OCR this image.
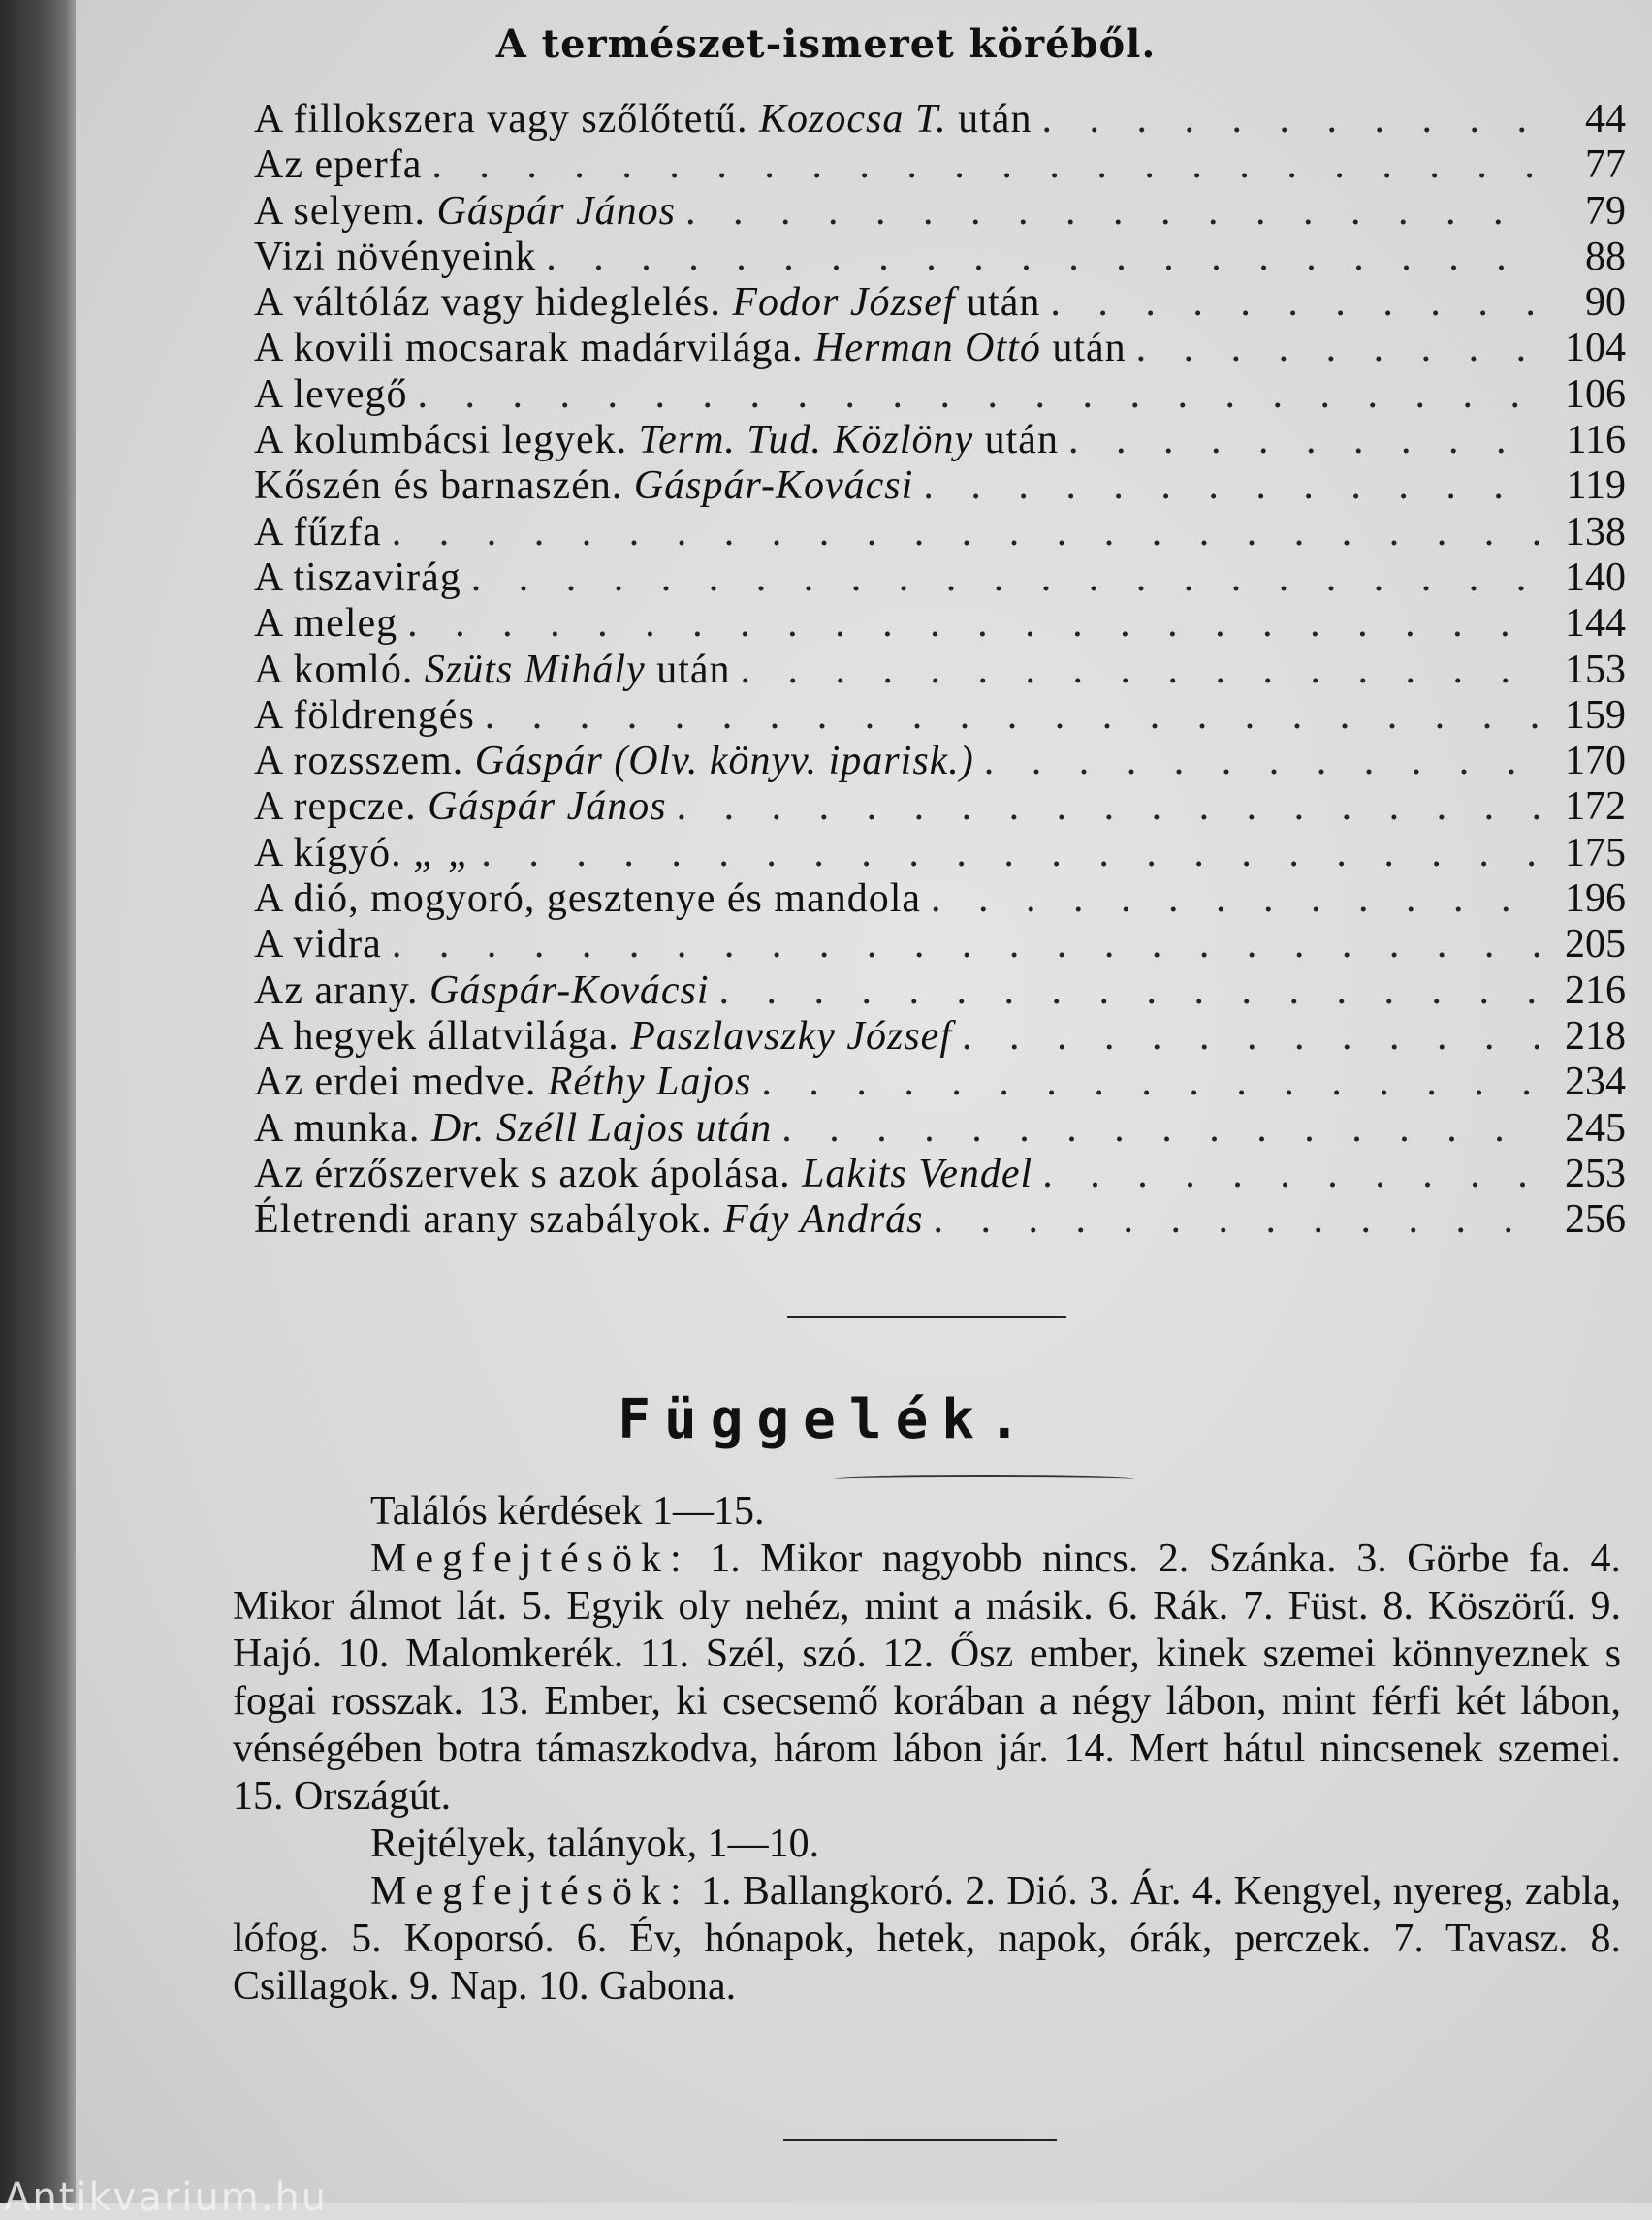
A természet-ismeret köréből.
A fillokszera vagy szőlőtetű. Kozocsa T. után . . .	44
Az eperfa . . .	77
A selyem. Gáspár János . . .	79
Vizi növényeink . . .	88
A váltóláz vagy hideglelés. Fodor József után . . .	90
A kovili mocsarak madárvilága. Herman Ottó után . . .	104
A levegő . . .	106
A kolumbácsi legyek. Term. Tud. Közlöny után . . .	116
Kőszén és barnaszén. Gáspár-Kovácsi . . .	119
A fűzfa . . .	138
A tiszavirág . . .	140
A meleg . . .	144
A komló. Szüts Mihály után . . .	153
A földrengés . . .	159
A rozsszem. Gáspár (Olv. könyv. iparisk.) . . .	170
A repcze. Gáspár János . . .	172
A kígyó. „ „ . . .	175
A dió, mogyoró, gesztenye és mandola . . .	196
A vidra . . .	205
Az arany. Gáspár-Kovácsi . . .	216
A hegyek állatvilága. Paszlavszky József . . .	218
Az erdei medve. Réthy Lajos . . .	234
A munka. Dr. Széll Lajos után . . .	245
Az érzőszervek s azok ápolása. Lakits Vendel . . .	253
Életrendi arany szabályok. Fáy András . . .	256
Függelék.

Találós kérdések 1—15.

Megfejtésök: 1. Mikor nagyobb nincs. 2. Szánka. 3. Görbe fa. 4. Mikor álmot lát. 5. Egyik oly nehéz, mint a másik. 6. Rák. 7. Füst. 8. Köszörű. 9. Hajó. 10. Malomkerék. 11. Szél, szó. 12. Ősz ember, kinek szemei könnyeznek s fogai rosszak. 13. Ember, ki csecsemő korában a négy lábon, mint férfi két lábon, vénségében botra támaszkodva, három lábon jár. 14. Mert hátul nincsenek szemei. 15. Országút.

Rejtélyek, talányok, 1—10.

Megfejtésök: 1. Ballangkoró. 2. Dió. 3. Ár. 4. Kengyel, nyereg, zabla, lófog. 5. Koporsó. 6. Év, hónapok, hetek, napok, órák, perczek. 7. Tavasz. 8. Csillagok. 9. Nap. 10. Gabona.

Antikvarium.hu
